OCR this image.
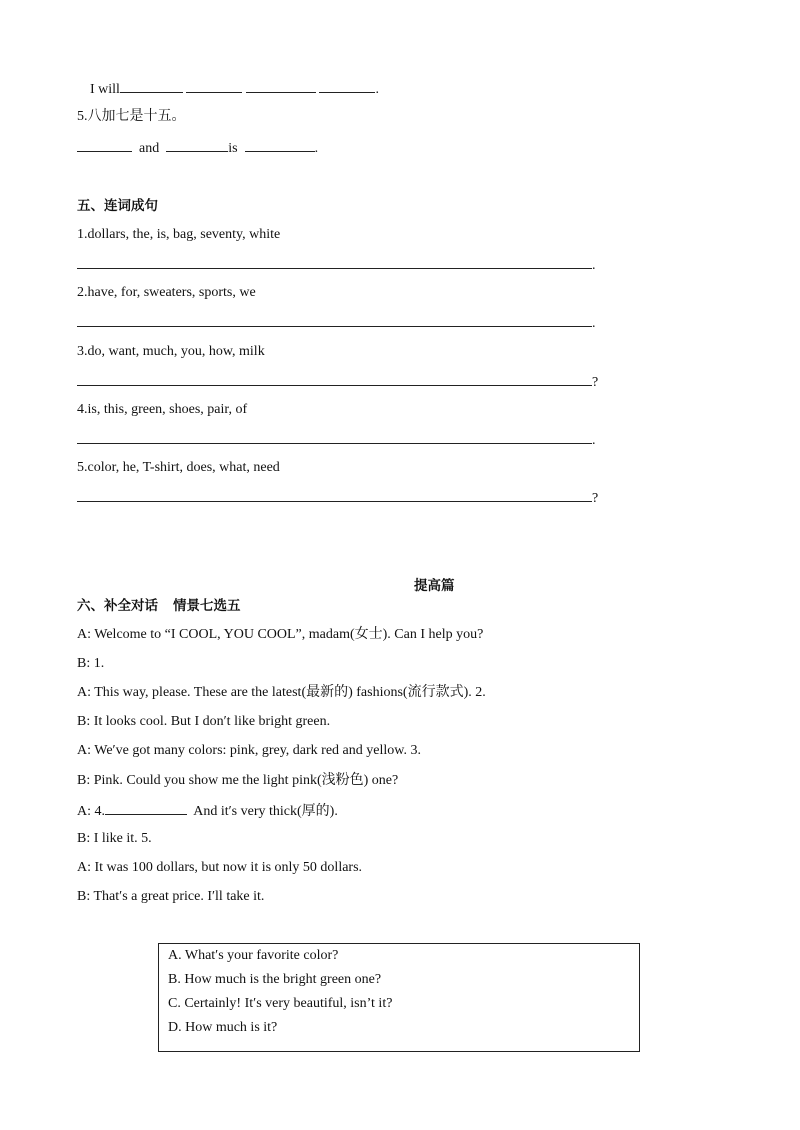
I will	.
5.八加七是十五。
and	is	.
五、连词成句
1.dollars, the, is, bag, seventy, white
.
2.have, for, sweaters, sports, we
.
3.do, want, much, you, how, milk
?
4.is, this, green, shoes, pair, of
.
5.color, he, T-shirt, does, what, need
?
提高篇
六、补全对话    情景七选五
A: Welcome to “I COOL, YOU COOL”, madam(女士). Can I help you?
B: 1.
A: This way, please. These are the latest(最新的) fashions(流行款式). 2.
B: It looks cool. But I don′t like bright green.
A: We′ve got many colors: pink, grey, dark red and yellow. 3.
B: Pink. Could you show me the light pink(浅粉色) one?
A: 4.	And it′s very thick(厚的).
B: I like it. 5.
A: It was 100 dollars, but now it is only 50 dollars.
B: That′s a great price. I′ll take it.
A. What′s your favorite color?
B. How much is the bright green one?
C. Certainly! It′s very beautiful, isn’t it?
D. How much is it?
